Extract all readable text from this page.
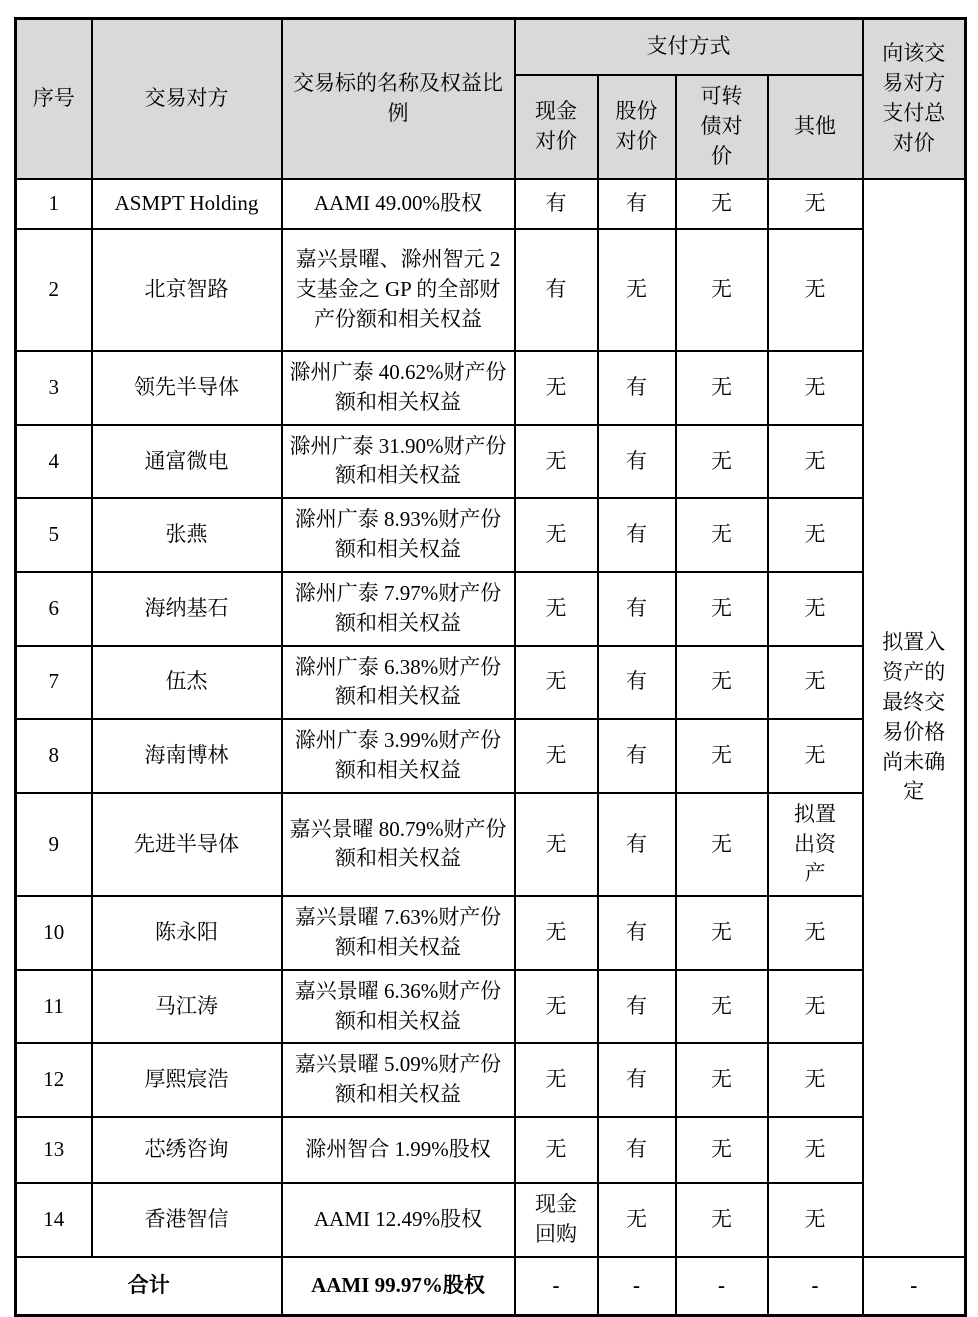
序号	交易对方	交易标的名称及权益比例	支付方式				向该交易对方支付总对价
			现金对价	股份对价	可转债对价	其他	
1	ASMPT Holding	AAMI 49.00%股权	有	有	无	无	拟置入资产的最终交易价格尚未确定
2	北京智路	嘉兴景曜、滁州智元 2 支基金之 GP 的全部财产份额和相关权益	有	无	无	无	
3	领先半导体	滁州广泰 40.62%财产份额和相关权益	无	有	无	无	
4	通富微电	滁州广泰 31.90%财产份额和相关权益	无	有	无	无	
5	张燕	滁州广泰 8.93%财产份额和相关权益	无	有	无	无	
6	海纳基石	滁州广泰 7.97%财产份额和相关权益	无	有	无	无	
7	伍杰	滁州广泰 6.38%财产份额和相关权益	无	有	无	无	
8	海南博林	滁州广泰 3.99%财产份额和相关权益	无	有	无	无	
9	先进半导体	嘉兴景曜 80.79%财产份额和相关权益	无	有	无	拟置出资产	
10	陈永阳	嘉兴景曜 7.63%财产份额和相关权益	无	有	无	无	
11	马江涛	嘉兴景曜 6.36%财产份额和相关权益	无	有	无	无	
12	厚熙宸浩	嘉兴景曜 5.09%财产份额和相关权益	无	有	无	无	
13	芯绣咨询	滁州智合 1.99%股权	无	有	无	无	
14	香港智信	AAMI 12.49%股权	现金回购	无	无	无	
合计		AAMI 99.97%股权	-	-	-	-	-
